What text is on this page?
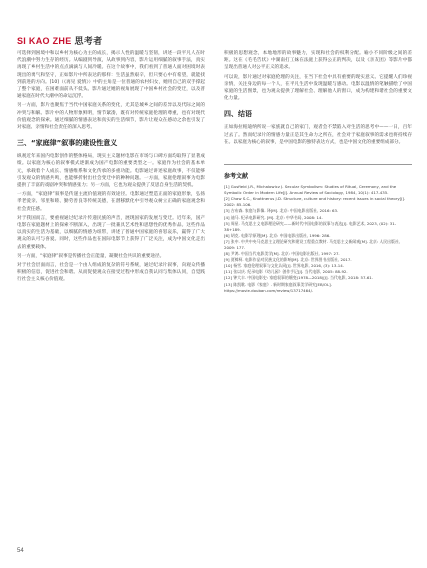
SI KAO ZHE 思考者

可选择到困境中和以乡村为核心为主的成长，揭示人性的温暖与坚韧，讲述一段平凡人在时代浪潮中努力生存的经历。从编剧到导演，从故事到内容，影片运用细腻的叙事手法，真实再现了乡村生活中的点点滴滴与人间冷暖。在这个故事中，我们看到了普通人面对困境时表现出的勇气和坚守，正如影片中所表达的那样：生活虽然艰辛，但只要心中有希望，就能找到前进的方向。[10]（《再见 爱情》）中的主角是一位普通的农村妇女，她用自己的双手撑起了整个家庭，在困难面前从不低头。影片通过她的视角展现了中国乡村社会的变迁，以及普通家庭在时代大潮中的命运沉浮。

另一方面，影片也聚焦于当代中国家庭关系的变化，尤其是城乡之间的差异以及代际之间的冲突与和解。影片中的人物形象鲜明，情节紧凑，既有对传统家庭伦理的尊重，也有对现代价值观念的探索。通过细腻的情感表达和真实的生活细节，影片让观众在感动之余也引发了对家庭、亲情和社会责任的深入思考。

三、“家庭律”叙事的建设性意义

纵观近年来国内电影创作的整体格局，现实主义题材电影在市场与口碑方面均取得了显著成绩。以家庭为核心的叙事模式逐渐成为国产电影的重要类型之一。家庭作为社会的基本单元，承载着个人成长、情感维系和文化传承的多重功能。电影通过讲述家庭故事，不仅能够引发观众的情感共鸣，也能够折射出社会变迁中的种种问题。一方面，家庭伦理叙事为电影提供了丰富的戏剧冲突和情感张力；另一方面，它也为观众提供了反思自身生活的契机。

一方面，“家庭律”叙事是传递主流价值观的有效途径。电影通过塑造正面的家庭形象，弘扬孝老爱亲、邻里和睦、勤劳善良等传统美德，在潜移默化中引导观众树立正确的家庭观念和社会责任感。

对于我国而言，要重视通过纪录片传递民族的声音，展现国家的发展与变迁。近年来，国产电影在家庭题材上的探索不断深入，出现了一批兼具艺术性和思想性的优秀作品。这些作品以真实的生活为基础，以细腻的情感为纽带，讲述了普通中国家庭的喜怒哀乐，赢得了广大观众的认可与喜爱。同时，这些作品也在国际电影节上获得了广泛关注，成为中国文化走出去的重要载体。

另一方面，“家庭律”叙事是传播社会正能量，凝聚社会共识的重要途径。

对于社会层面而言，社会是一个由人组成的复杂的符号系统，通过纪录片叙事，向观众传播积极的信息，促进社会和谐。从而促使观众在接受过程中形成自我认同与集体认同，自觉践行社会主义核心价值观。

积极的思想观念，本地地形的故事魅力，实现和社会的权利分配。喻小不同阶级之间的差距。这在《毛毛告状》中湖南打工妹在法庭上获得公正的判决，以及《亲友团》等影片中都呈现出普通人对公平正义的追求。

可以说，影片通过对家庭伦理的关注，在当下社会中具有重要的现实意义。它提醒人们珍视亲情，关注身边的每一个人，在平凡生活中发现温暖与感动。电影以温情的笔触描绘了中国家庭的生活图景，也为观众提供了理解社会、理解他人的窗口，成为构建和谐社会的重要文化力量。

四、结语

正如海拉帕迪纳所说一家族就自己的家门，观者会不禁陷入对生活的思考中——一日，百年过去了。然而纪录片的情感力量正是其生命力之所在，社会对于家庭叙事的需求也将持续存在。以家庭为核心的叙事，是中国电影的独特表达方式，也是中国文化的重要组成部分。

参考文献
[1] Gusfield J.R., Michalowicz J. Secular Symbolism: Studies of Ritual, Ceremony, and the Symbolic Order in Modern Life[J]. Annual Review of Sociology, 1984, 10(1): 417-435.
[2] Chaw S.C., Knottnerus J.D. Structure, culture and history: recent issues in social theory[J]. 2002: 85-106.
[3] 吉布森. 家庭与影像. 译[M]. 北京: 中国电影出版社, 2016: 63.
[4] 迪马. 纪录电影研究. [M]. 北京: 中华书局, 2008: 14.
[5] 周星. 马克思主义电影理论研究——新时代中国电影的叙事与表达[J]. 电影艺术, 2023, (02): 31-38+189.
[6] 胡克. 电影学原理[M]. 北京: 中国电影出版社, 1996: 286.
[7] 张中. 中共中央马克思主义理论研究和建设工程重点教材. 马克思主义新闻观[M]. 北京: 人民出版社, 2009: 177.
[8] 尹鸿. 中国当代电影美学[M]. 北京: 中国电影出版社, 1997: 27.
[9] 贾樟柯. 电影作品对民族文化的影响[M]. 北京: 世界图书出版社, 2017.
[10] 杨雪. 家庭伦理叙事与文化认同[J]. 世界电影, 2016, (3): 13-14.
[11] 张以庆. 纪录电影《幼儿园》创作手记[J]. 当代电影, 2005: 88-92.
[12] 钟大丰. 中国电影史: 家庭叙事的嬗变(1978—2018)[J]. 当代电影, 2018: 57-61.
[13] 陈凯歌. 电影《家庭》. 新时期家庭叙事美学研究[EB/OL]. https://movie.douban.com/review/13717464/.
54
